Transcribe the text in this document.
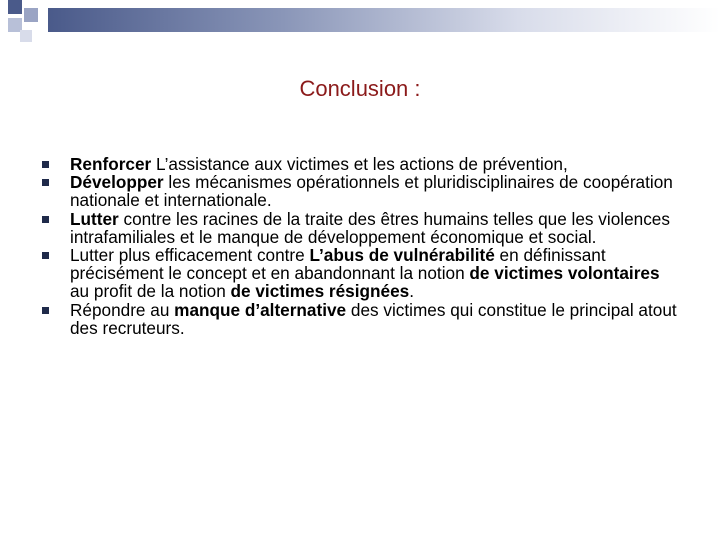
Conclusion :
Renforcer L’assistance aux victimes et les actions de prévention,
Développer les mécanismes opérationnels et pluridisciplinaires de coopération nationale et internationale.
Lutter contre les racines de la traite des êtres humains telles que les violences intrafamiliales et le manque de développement économique et social.
Lutter plus efficacement contre L’abus de vulnérabilité en définissant précisément le concept et en abandonnant la notion de victimes volontaires au profit de la notion de victimes résignées.
Répondre au manque d’alternative des victimes qui constitue le principal atout des recruteurs.
